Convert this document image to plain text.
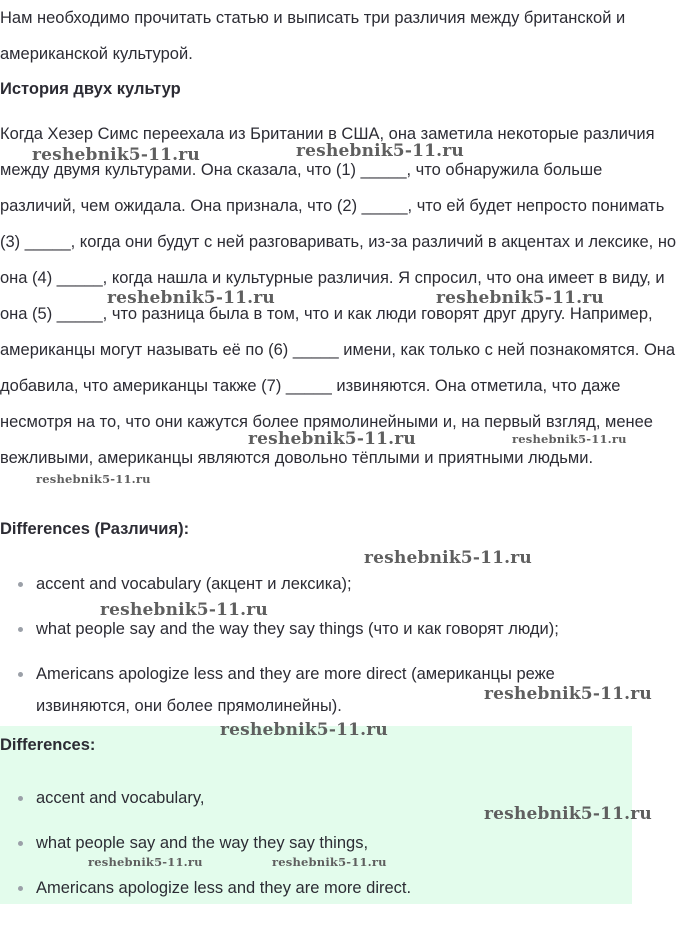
Нам необходимо прочитать статью и выписать три различия между британской и американской культурой.

История двух культур

Когда Хезер Симс переехала из Британии в США, она заметила некоторые различия между двумя культурами. Она сказала, что (1) _____, что обнаружила больше различий, чем ожидала. Она признала, что (2) _____, что ей будет непросто понимать (3) _____, когда они будут с ней разговаривать, из-за различий в акцентах и лексике, но она (4) _____, когда нашла и культурные различия. Я спросил, что она имеет в виду, и она (5) _____, что разница была в том, что и как люди говорят друг другу. Например, американцы могут называть её по (6) _____ имени, как только с ней познакомятся. Она добавила, что американцы также (7) _____ извиняются. Она отметила, что даже несмотря на то, что они кажутся более прямолинейными и, на первый взгляд, менее вежливыми, американцы являются довольно тёплыми и приятными людьми.

Differences (Различия):

accent and vocabulary (акцент и лексика);
what people say and the way they say things (что и как говорят люди);
Americans apologize less and they are more direct (американцы реже извиняются, они более прямолинейны).

Differences:

accent and vocabulary,
what people say and the way they say things,
Americans apologize less and they are more direct.
reshebnik5-11.ru	reshebnik5-11.ru
reshebnik5-11.ru	reshebnik5-11.ru
reshebnik5-11.ru	reshebnik5-11.ru
reshebnik5-11.ru
reshebnik5-11.ru
reshebnik5-11.ru
reshebnik5-11.ru
reshebnik5-11.ru
reshebnik5-11.ru
reshebnik5-11.ru	reshebnik5-11.ru
